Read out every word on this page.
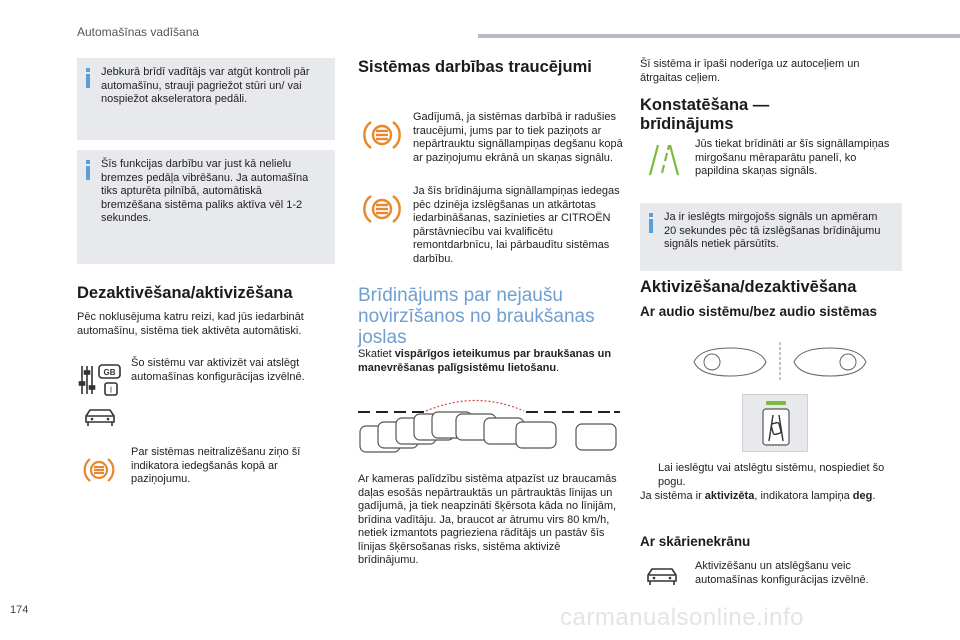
Automašīnas vadīšana
Jebkurā brīdī vadītājs var atgūt kontroli pār automašīnu, strauji pagriežot stūri un/ vai nospiežot akseleratora pedāli.
Šīs funkcijas darbību var just kā nelielu bremzes pedāļa vibrēšanu. Ja automašīna tiks apturēta pilnībā, automātiskā bremzēšana sistēma paliks aktīva vēl 1-2 sekundes.
Dezaktivēšana/aktivizēšana
Pēc noklusējuma katru reizi, kad jūs iedarbināt automašīnu, sistēma tiek aktivēta automātiski.
GB
I
Šo sistēmu var aktivizēt vai atslēgt automašīnas konfigurācijas izvēlnē.
Par sistēmas neitralizēšanu ziņo šī indikatora iedegšanās kopā ar paziņojumu.
Sistēmas darbības traucējumi
Gadījumā, ja sistēmas darbībā ir radušies traucējumi, jums par to tiek paziņots ar nepārtrauktu signāllampiņas degšanu kopā ar paziņojumu ekrānā un skaņas signālu.
Ja šīs brīdinājuma signāllampiņas iedegas pēc dzinēja izslēgšanas un atkārtotas iedarbināšanas, sazinieties ar CITROËN pārstāvniecību vai kvalificētu remontdarbnīcu, lai pārbaudītu sistēmas darbību.
Brīdinājums par nejaušu novirzīšanos no braukšanas joslas
Skatiet vispārīgos ieteikumus par braukšanas un manevrēšanas palīgsistēmu lietošanu.
Ar kameras palīdzību sistēma atpazīst uz braucamās daļas esošās nepārtrauktās un pārtrauktās līnijas un gadījumā, ja tiek neapzināti šķērsota kāda no līnijām, brīdina vadītāju. Ja, braucot ar ātrumu virs 80 km/h, netiek izmantots pagrieziena rādītājs un pastāv šīs līnijas šķērsošanas risks, sistēma aktivizē brīdinājumu.
Šī sistēma ir īpaši noderīga uz autoceļiem un ātrgaitas ceļiem.
Konstatēšana — brīdinājums
Jūs tiekat brīdināti ar šīs signāllampiņas mirgošanu mēraparātu panelī, ko papildina skaņas signāls.
Ja ir ieslēgts mirgojošs signāls un apmēram 20 sekundes pēc tā izslēgšanas brīdinājumu signāls netiek pārsūtīts.
Aktivizēšana/dezaktivēšana
Ar audio sistēmu/bez audio sistēmas
Lai ieslēgtu vai atslēgtu sistēmu, nospiediet šo pogu.
Ja sistēma ir aktivizēta, indikatora lampiņa deg.
Ar skārienekrānu
Aktivizēšanu un atslēgšanu veic automašīnas konfigurācijas izvēlnē.
174	carmanualsonline.info
